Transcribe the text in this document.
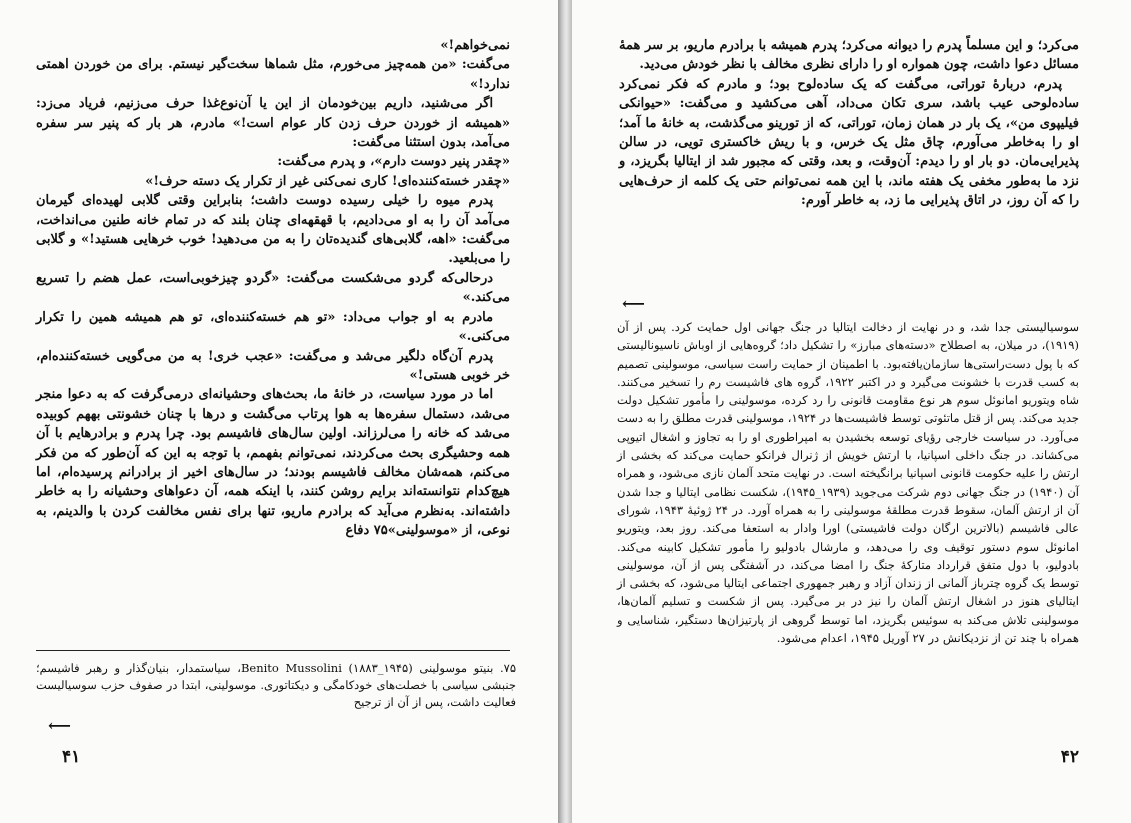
نمی‌خواهم!»

می‌گفت: «من همه‌چیز می‌خورم، مثل شماها سخت‌گیر نیستم. برای من خوردن اهمتی ندارد!»

اگر می‌شنید، داریم بین‌خودمان از این یا آن‌نوع‌غذا حرف می‌زنیم، فریاد می‌زد: «همیشه از خوردن حرف زدن کار عوام است!» مادرم، هر بار که پنیر سر سفره می‌آمد، بدون استثنا می‌گفت:

«چقدر پنیر دوست دارم»، و پدرم می‌گفت:

«چقدر خسته‌کننده‌ای! کاری نمی‌کنی غیر از تکرار یک دسته حرف!»

پدرم میوه را خیلی رسیده دوست داشت؛ بنابراین وقتی گلابی لهیده‌ای گیرمان می‌آمد آن را به او می‌دادیم، با قهقهه‌ای چنان بلند که در تمام خانه طنین می‌انداخت، می‌گفت: «اهه، گلابی‌های گندیده‌تان را به من می‌دهید! خوب خرهایی هستید!» و گلابی را می‌بلعید.

درحالی‌که گردو می‌شکست می‌گفت: «گردو چیزخوبی‌است، عمل هضم را تسریع می‌کند.»

مادرم به او جواب می‌داد: «تو هم خسته‌کننده‌ای، تو هم همیشه همین را تکرار می‌کنی.»

پدرم آن‌گاه دلگیر می‌شد و می‌گفت: «عجب خری! به من می‌گویی خسته‌کننده‌ام، خر خوبی هستی!»

اما در مورد سیاست، در خانهٔ ما، بحث‌های وحشیانه‌ای درمی‌گرفت که به دعوا منجر می‌شد، دستمال سفره‌ها به هوا پرتاب می‌گشت و درها با چنان خشونتی بههم کوبیده می‌شد که خانه را می‌لرزاند. اولین سال‌های فاشیسم بود. چرا پدرم و برادرهایم با آن همه وحشیگری بحث می‌کردند، نمی‌توانم بفهمم، با توجه به این که آن‌طور که من فکر می‌کنم، همه‌شان مخالف فاشیسم بودند؛ در سال‌های اخیر از برادرانم پرسیده‌ام، اما هیچ‌کدام نتوانسته‌اند برایم روشن کنند، با اینکه همه، آن دعواهای وحشیانه را به خاطر داشته‌اند. به‌نظرم می‌آید که برادرم ماریو، تنها برای نفس مخالفت کردن با والدینم، به نوعی، از «موسولینی»۷۵ دفاع

۷۵. بنیتو موسولینی Benito Mussolini (۱۸۸۳_۱۹۴۵)، سیاستمدار، بنیان‌گذار و رهبر فاشیسم؛ جنبشی سیاسی با خصلت‌های خودکامگی و دیکتاتوری. موسولینی، ابتدا در صفوف حزب سوسیالیست فعالیت داشت، پس از آن از ترجیح
⟵
۴۱

می‌کرد؛ و این مسلماً پدرم را دیوانه می‌کرد؛ پدرم همیشه با برادرم ماریو، بر سر همهٔ مسائل دعوا داشت، چون همواره او را دارای نظری مخالف با نظر خودش می‌دید.

پدرم، دربارهٔ توراتی، می‌گفت که یک ساده‌لوح بود؛ و مادرم که فکر نمی‌کرد ساده‌لوحی عیب باشد، سری تکان می‌داد، آهی می‌کشید و می‌گفت: «حیوانکی فیلیپوی من»، یک بار در همان زمان، توراتی، که از تورینو می‌گذشت، به خانهٔ ما آمد؛ او را به‌خاطر می‌آورم، چاق مثل یک خرس، و با ریش خاکستری تویی، در سالن پذیرایی‌مان. دو بار او را دیدم: آن‌وقت، و بعد، وقتی که مجبور شد از ایتالیا بگریزد، و نزد ما به‌طور مخفی یک هفته ماند، با این همه نمی‌توانم حتی یک کلمه از حرف‌هایی را که آن روز، در اتاق پذیرایی ما زد، به خاطر آورم:

⟵
سوسیالیستی جدا شد، و در نهایت از دخالت ایتالیا در جنگ جهانی اول حمایت کرد. پس از آن (۱۹۱۹)، در میلان، به اصطلاح «دسته‌های مبارز» را تشکیل داد؛ گروه‌هایی از اوباش ناسیونالیستی که با پول دست‌راستی‌ها سازمان‌یافته‌بود. با اطمینان از حمایت راست سیاسی، موسولینی تصمیم به کسب قدرت با خشونت می‌گیرد و در اکتبر ۱۹۲۲، گروه های فاشیست رم را تسخیر می‌کنند. شاه ویتوریو امانوئل سوم هر نوع مقاومت قانونی را رد کرده، موسولینی را مأمور تشکیل دولت جدید می‌کند. پس از قتل ماتئوتی توسط فاشیست‌ها در ۱۹۲۴، موسولینی قدرت مطلق را به دست می‌آورد. در سیاست خارجی رؤیای توسعه بخشیدن به امپراطوری او را به تجاوز و اشغال اتیوپی می‌کشاند. در جنگ داخلی اسپانیا، با ارتش خویش از ژنرال فرانکو حمایت می‌کند که بخشی از ارتش را علیه حکومت قانونی اسپانیا برانگیخته است. در نهایت متحد آلمان نازی می‌شود، و همراه آن (۱۹۴۰) در جنگ جهانی دوم شرکت می‌جوید (۱۹۳۹_۱۹۴۵)، شکست نظامی ایتالیا و جدا شدن آن از ارتش آلمان، سقوط قدرت مطلقهٔ موسولینی را به همراه آورد. در ۲۴ ژوئیهٔ ۱۹۴۳، شورای عالی فاشیسم (بالاترین ارگان دولت فاشیستی) اورا وادار به استعفا می‌کند. روز بعد، ویتوریو امانوئل سوم دستور توقیف وی را می‌دهد، و مارشال بادولیو را مأمور تشکیل کابینه می‌کند. بادولیو، با دول متفق قرارداد متارکهٔ جنگ را امضا می‌کند، در آشفتگی پس از آن، موسولینی توسط یک گروه چترباز آلمانی از زندان آزاد و رهبر جمهوری اجتماعی ایتالیا می‌شود، که بخشی از ایتالیای هنوز در اشغال ارتش آلمان را نیز در بر می‌گیرد. پس از شکست و تسلیم آلمان‌ها، موسولینی تلاش می‌کند به سوئیس بگریزد، اما توسط گروهی از پارتیزان‌ها دستگیر، شناسایی و همراه با چند تن از نزدیکانش در ۲۷ آوریل ۱۹۴۵، اعدام می‌شود.
۴۲
